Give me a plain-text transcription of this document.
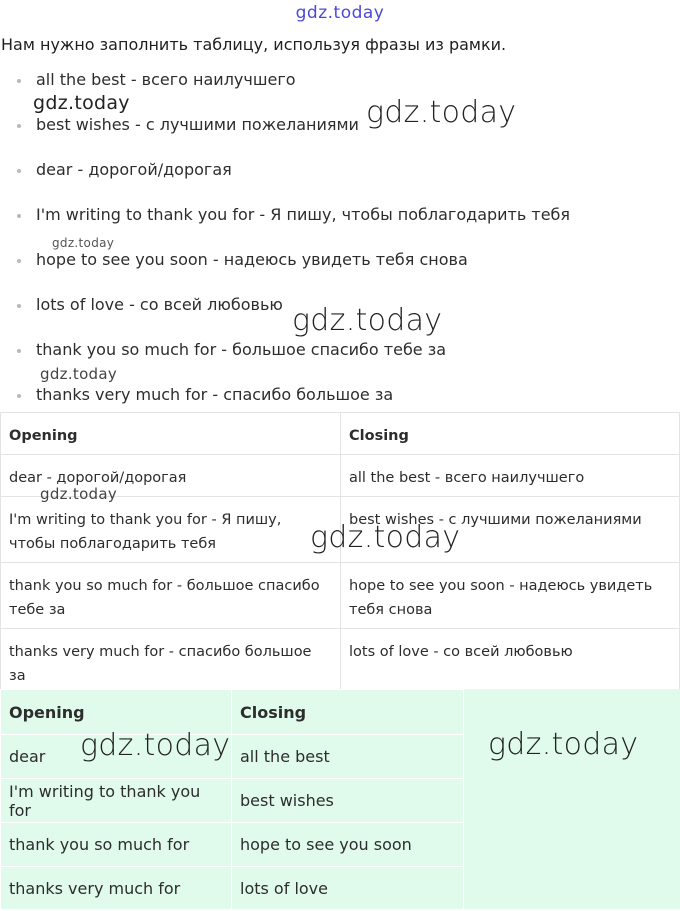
gdz.today
Нам нужно заполнить таблицу, используя фразы из рамки.
all the best - всего наилучшего
best wishes - с лучшими пожеланиями
dear - дорогой/дорогая
I'm writing to thank you for - Я пишу, чтобы поблагодарить тебя
hope to see you soon - надеюсь увидеть тебя снова
lots of love - со всей любовью
thank you so much for - большое спасибо тебе за
thanks very much for - спасибо большое за
Opening	Closing
dear - дорогой/дорогая	all the best - всего наилучшего
I'm writing to thank you for - Я пишу, чтобы поблагодарить тебя	best wishes - с лучшими пожеланиями
thank you so much for - большое спасибо тебе за	hope to see you soon - надеюсь увидеть тебя снова
thanks very much for - спасибо большое за	lots of love - со всей любовью
Opening	Closing
dear	all the best
I'm writing to thank you for	best wishes
thank you so much for	hope to see you soon
thanks very much for	lots of love
gdz.today	gdz.today
gdz.today
gdz.today
gdz.today
gdz.today
gdz.today
gdz.today	gdz.today
